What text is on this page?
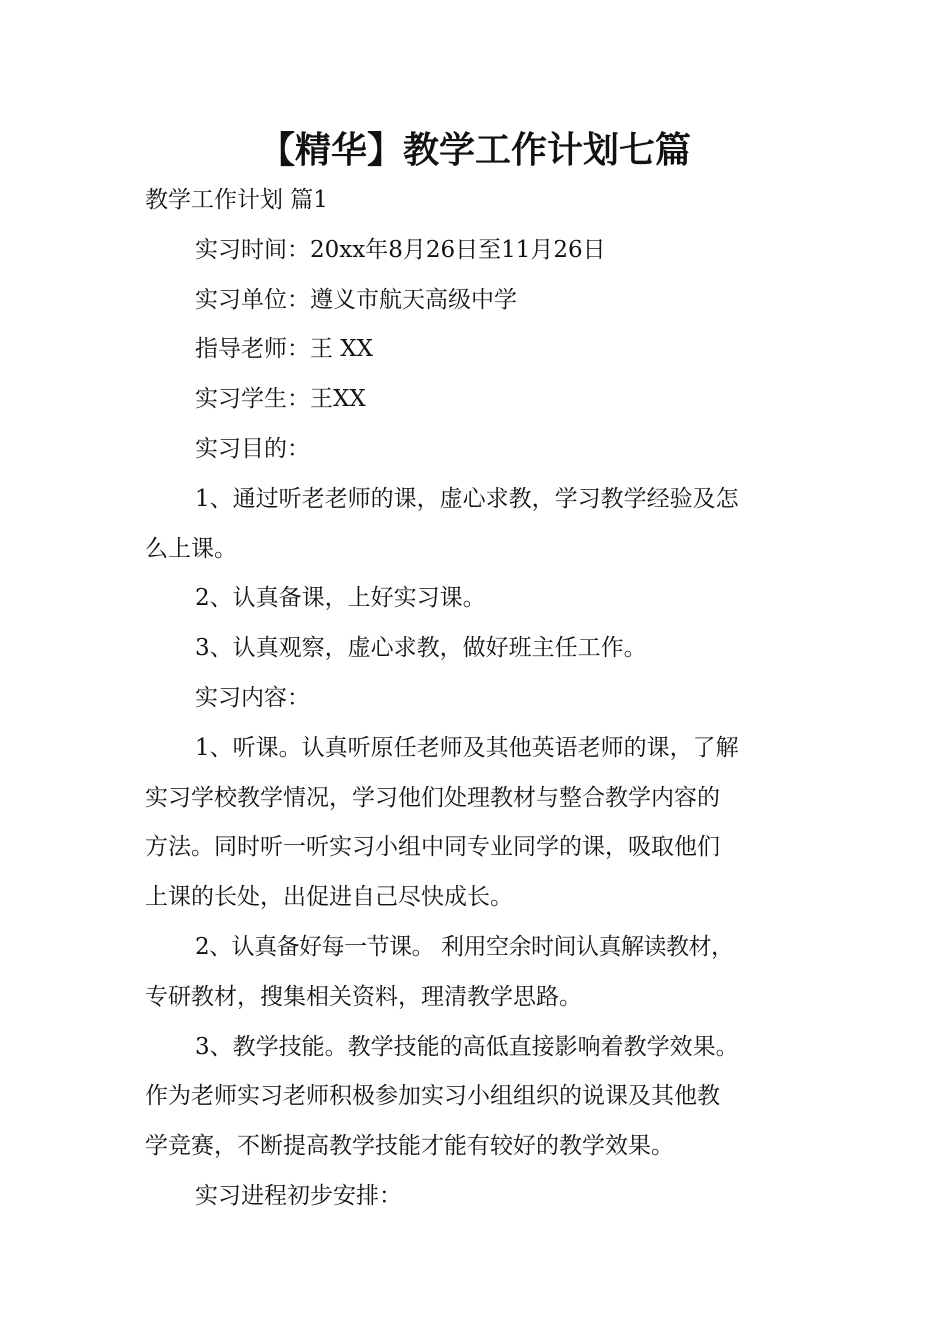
【精华】教学工作计划七篇
教学工作计划 篇1
实习时间：20xx年8月26日至11月26日
实习单位：遵义市航天高级中学
指导老师：王 XX
实习学生：王XX
实习目的：
1、通过听老老师的课，虚心求教，学习教学经验及怎
么上课。
2、认真备课，上好实习课。
3、认真观察，虚心求教，做好班主任工作。
实习内容：
1、听课。认真听原任老师及其他英语老师的课，了解
实习学校教学情况，学习他们处理教材与整合教学内容的
方法。同时听一听实习小组中同专业同学的课，吸取他们
上课的长处，出促进自己尽快成长。
2、认真备好每一节课。 利用空余时间认真解读教材，
专研教材，搜集相关资料，理清教学思路。
3、教学技能。教学技能的高低直接影响着教学效果。
作为老师实习老师积极参加实习小组组织的说课及其他教
学竞赛，不断提高教学技能才能有较好的教学效果。
实习进程初步安排：
